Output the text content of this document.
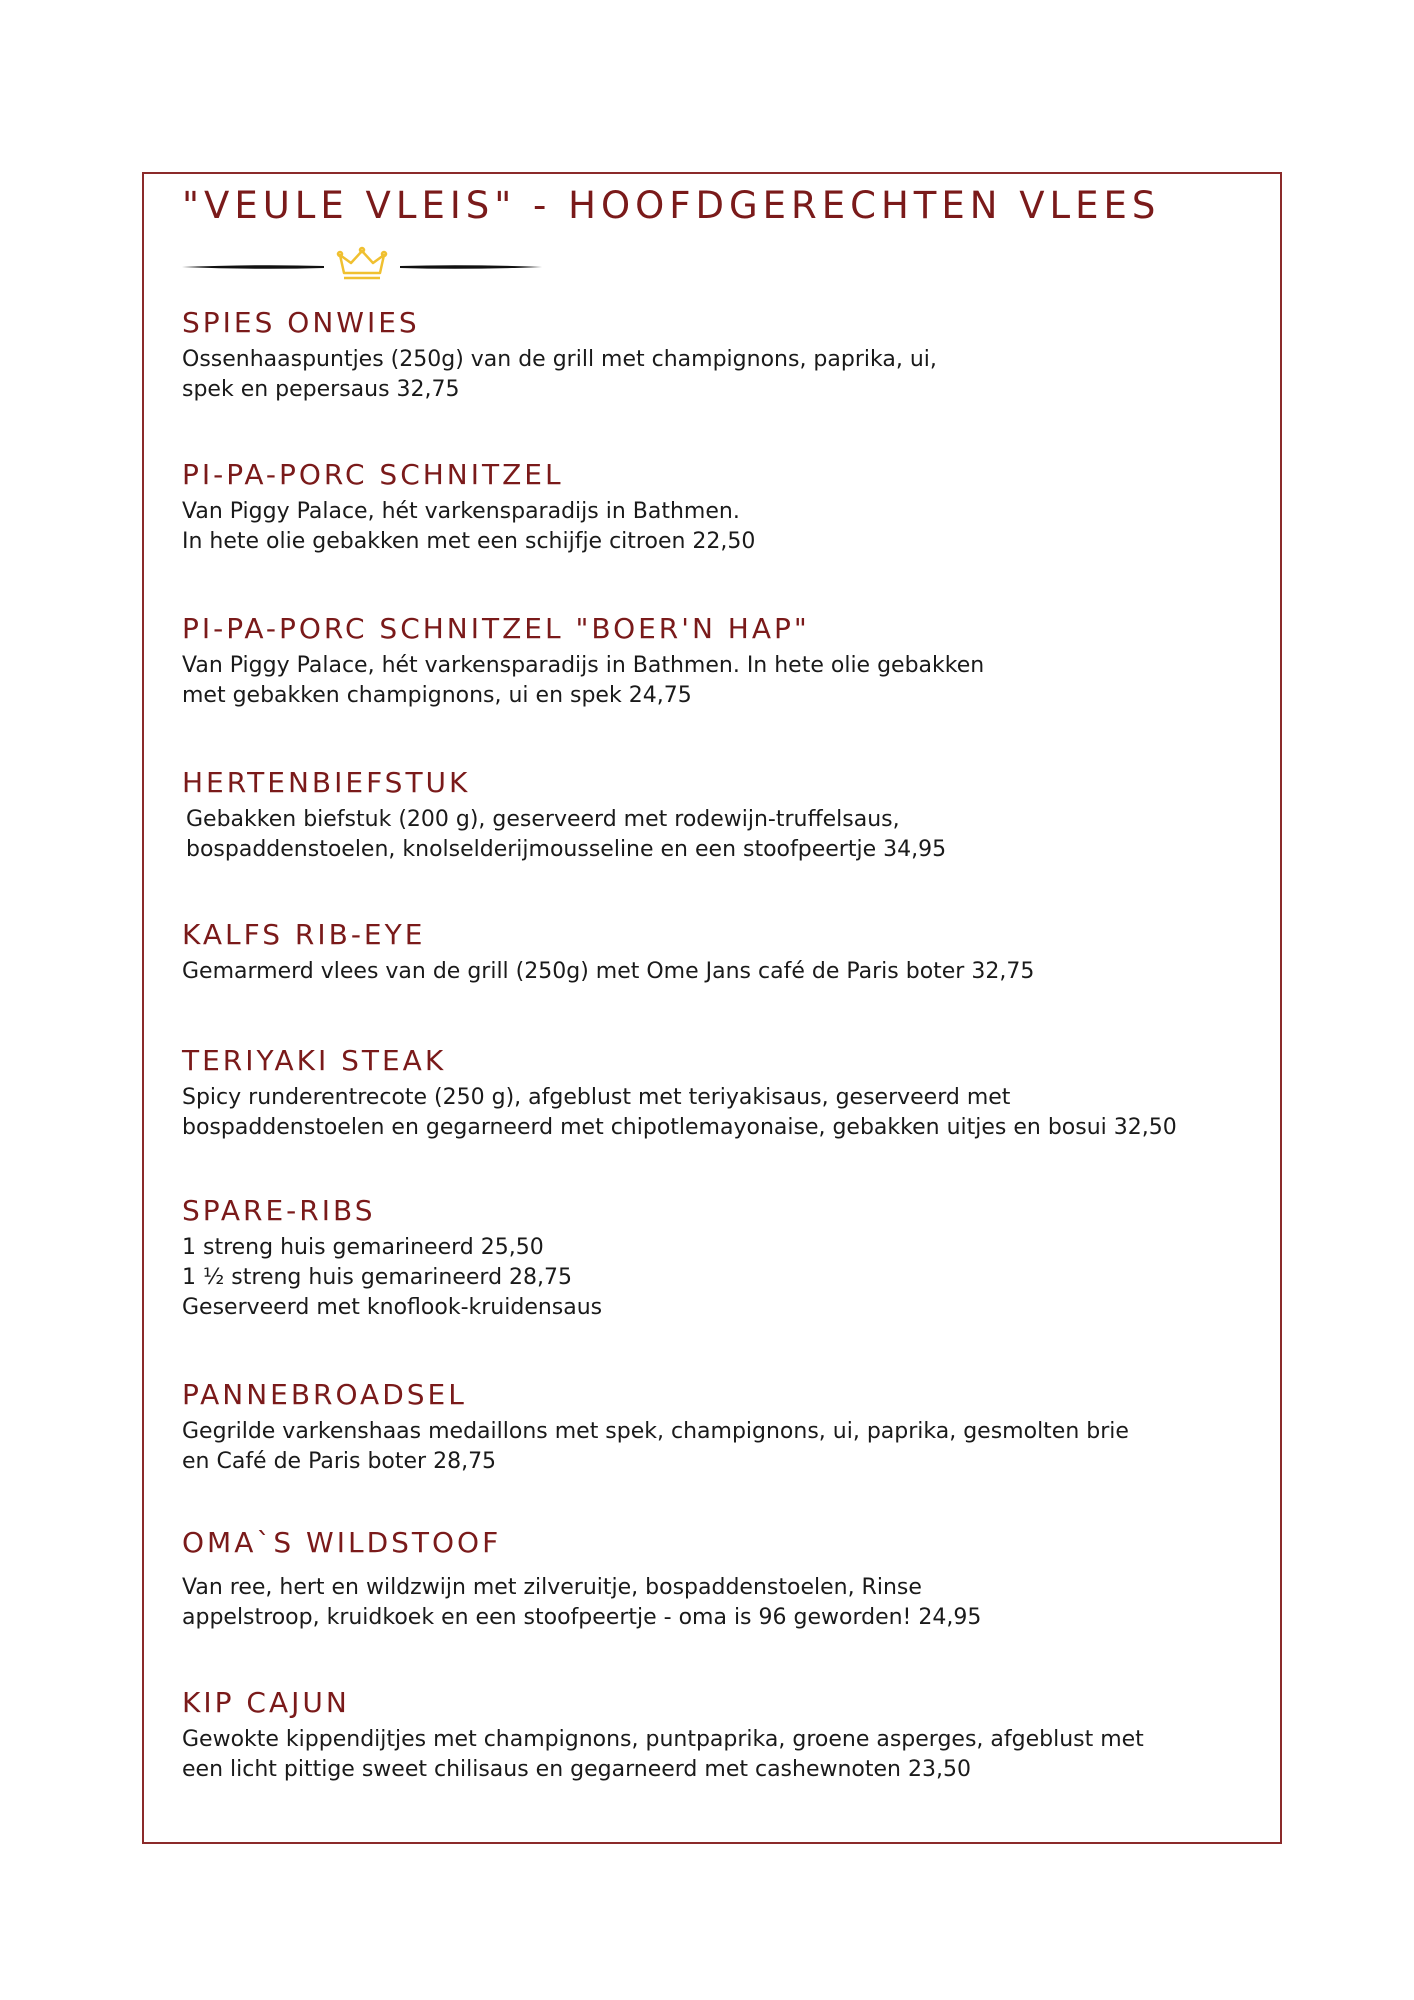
"VEULE VLEIS" - HOOFDGERECHTEN VLEES
SPIES ONWIES

Ossenhaaspuntjes (250g) van de grill met champignons, paprika, ui,
spek en pepersaus 32,75

PI-PA-PORC SCHNITZEL

Van Piggy Palace, hét varkensparadijs in Bathmen.
In hete olie gebakken met een schijfje citroen 22,50

PI-PA-PORC SCHNITZEL "BOER'N HAP"

Van Piggy Palace, hét varkensparadijs in Bathmen. In hete olie gebakken
met gebakken champignons, ui en spek 24,75

HERTENBIEFSTUK

Gebakken biefstuk (200 g), geserveerd met rodewijn-truffelsaus,
bospaddenstoelen, knolselderijmousseline en een stoofpeertje 34,95

KALFS RIB-EYE

Gemarmerd vlees van de grill (250g) met Ome Jans café de Paris boter 32,75

TERIYAKI STEAK

Spicy runderentrecote (250 g), afgeblust met teriyakisaus, geserveerd met
bospaddenstoelen en gegarneerd met chipotlemayonaise, gebakken uitjes en bosui 32,50

SPARE-RIBS

1 streng huis gemarineerd 25,50
1 ½ streng huis gemarineerd 28,75
Geserveerd met knoflook-kruidensaus

PANNEBROADSEL

Gegrilde varkenshaas medaillons met spek, champignons, ui, paprika, gesmolten brie
en Café de Paris boter 28,75

OMA`S WILDSTOOF

Van ree, hert en wildzwijn met zilveruitje, bospaddenstoelen, Rinse
appelstroop, kruidkoek en een stoofpeertje - oma is 96 geworden! 24,95

KIP CAJUN

Gewokte kippendijtjes met champignons, puntpaprika, groene asperges, afgeblust met
een licht pittige sweet chilisaus en gegarneerd met cashewnoten 23,50
